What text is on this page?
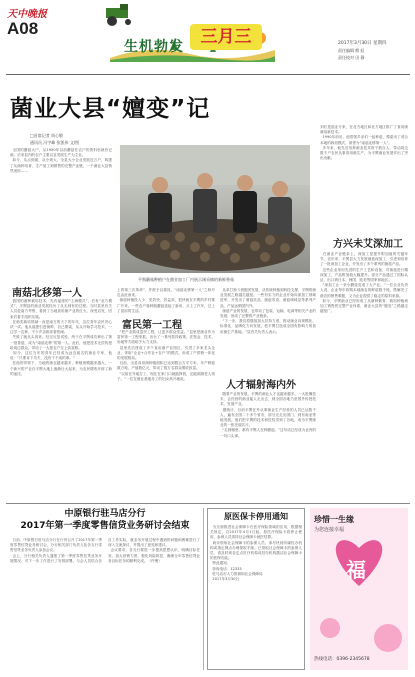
天中晚报
A08
生机勃发 三月三	2017年3月30日 星期四
责任编辑 熊 虹
责任校对 田 静
菌业大县“嬗变”记
□首席记者 周心敬
通讯员 冯宇峰 张凯伟 文/图
平舆蘑菇种植户在菌业加工厂内展示刚采摘的新鲜香菇
全国的蘑菇大户，从1990年以前蘑菇在农户的资料里就有记载。后来县内的农户主要以业发展生产为主业。
如今，从点到面，从小到大，全县大小企业发展近万户，构建了从菌种培育、生产加工到销售的完整产业链，一个菌业大县悄然成形……
刘后是菇业专家，在北方地区和北方地区推广了食用菌栽培新技术。
1990年前后，他带领乡亲们一起种菇，摸索出了适合本地的栽培模式，被誉为“南菇北移第一人”。
多年来，他先后培养菌业技术骨干数百人，带动周边数千户农民从事食用菌生产，为平舆菌业发展作出了突出贡献。
方兴未艾深加工
在菌业产业链条上，深加工是提升附加值的关键环节。近年来，平舆县大力发展菌菇深加工，引进和培育了一批深加工企业，开发出了多个系列的菌菇产品。
这些企业采用先进的生产工艺和设备，对菌菇进行精深加工，产品附加值大幅提升。部分产品通过了国际认证，出口到日本、韩国、欧美等国家和地区。
“深加工让一朵小蘑菇变成了大产业。”一位企业负责人说，企业每年收购本地菌农的鲜菇数千吨，既解决了菌农的销售难题，又为企业提供了稳定的原料来源。
如今，平舆菌业已经形成了从菌种繁育、栽培种植到加工销售的完整产业体系，菌业大县的“嬗变”之路越走越宽广。
南菇北移第一人
我国的菌种栽培技术，先有福建的“上海模式”，后有“北方模式”，平舆县的菌业发展经历了从无到有的过程。当时县里有关人员赴南方考察，看到了当地食用菌产业的红火，深受启发，回来后着手组织实施。
在菌类栽培领域一直是南方的天下的年代，这位青年农民决心试一试。他从福建引进菌种，自己摸索，从头开始学习技术，一边学一边种，不少乡亲都来看热闹。
失败了就从头再来。经过反复试验，终于在平舆成功种出了第一批香菇，成为“南菇北移”的第一人。此后，他把技术无偿传授给周边群众，带动了一大批农户走上致富路。
如今，这位当年的青年已经成为远近闻名的菌业专家，他说：“只要肯下功夫，没有干不成的事。”
在他的带领下，当地的菌农越来越多，种植规模越来越大，一个新兴的产业在平舆大地上逐渐壮大起来，为农民增收开辟了新的途径。
上的第三次革命”，并被予以重视，“南菇北移第一人”之称号也由此而来。
菌菇种植投入少、见效快、效益高，很快就在平舆的乡村推广开来。一些农户靠种植蘑菇盖起了新房、买上了汽车，过上了富裕的生活。
富民第一工程
“把产业做成富民工程，让更多群众受益。”县里把菌业作为富民第一工程来抓，出台了一系列扶持政策，在资金、技术、用地等方面给予大力支持。
县里先后建成了多个食用菌产业园区，引进了多家龙头企业，采取“企业+合作社+农户”的模式，形成了产供销一体化的发展格局。
目前，全县食用菌种植面积已达到数百万平方米，年产鲜菇数万吨，产值数亿元，带动了数万名群众增收致富。
“以前在外地打工，现在在家门口就能挣钱，还能照顾老人孩子。”一位在菌业基地务工的妇女高兴地说。
从单打独斗到抱团发展，从传统种植到科技支撑，平舆的菌业发展之路越走越宽。一些有实力的企业开始向深加工领域进军，开发出了菌菇饮品、菌菇零食、菌菇调味品等系列产品，产品远销国内外。
菌菇产业的发展，也带动了包装、运输、电商等相关产业的发展，形成了完整的产业链条。
“下一步，我们将继续加大扶持力度，推动菌业向规模化、标准化、品牌化方向发展，把平舆打造成全国有影响力的食用菌生产基地。”县有关负责人表示。
人才辐射海内外
随着产业的发展，平舆的菌业人才也越来越多。一大批懂技术、会经营的菌业能人走出去，到全国各地乃至国外传授技术、发展产业。
据统计，目前平舆在外从事菌业生产经营的人员已达数千人，遍布全国二十多个省市，部分还走出国门，到东南亚等地发展。他们把平舆的技术和经验带到了各地，成为平舆菌业的一张亮丽名片。
“走到哪里，都有平舆人在种蘑菇。”这句话已经成为业内的一句口头禅。
中原银行驻马店分行
2017年第一季度零售信贷业务研讨会结束
日前，中原银行驻马店分行在行内召开了2017年第一季度零售信贷业务研讨会，分行相关部门负责人及各支行零售信贷业务负责人参加会议。
会上，分行相关负责人通报了第一季度零售信贷业务开展情况，对下一步工作进行了安排部署。与会人员结合各自工作实际，就业务开展过程中遇到的问题和困难进行了深入交流探讨，并提出了意见和建议。
会议要求，各支行要进一步提高思想认识，明确目标任务，加大营销力度，强化风险防控，确保全年零售信贷业务目标任务的顺利完成。（许俊）
原医保卡停用通知
为全面推进社会保障卡在医疗保险领域的应用，根据相关规定，自2017年4月1日起，原医疗保险卡将停止使用，参保人员须持社会保障卡就医结算。
尚未领取社会保障卡的参保人员，请尽快到所属经办机构或指定网点办理领取手续；已领取社会保障卡的参保人员，请及时到各定点医疗机构或经办机构激活社会保障卡的医保功能。
特此通知。
咨询电话：12333
驻马店市人力资源和社会保障局
2017年3月30日
珍惜一生缘
为您连接幸福
福
热线电话：0396-2345678
